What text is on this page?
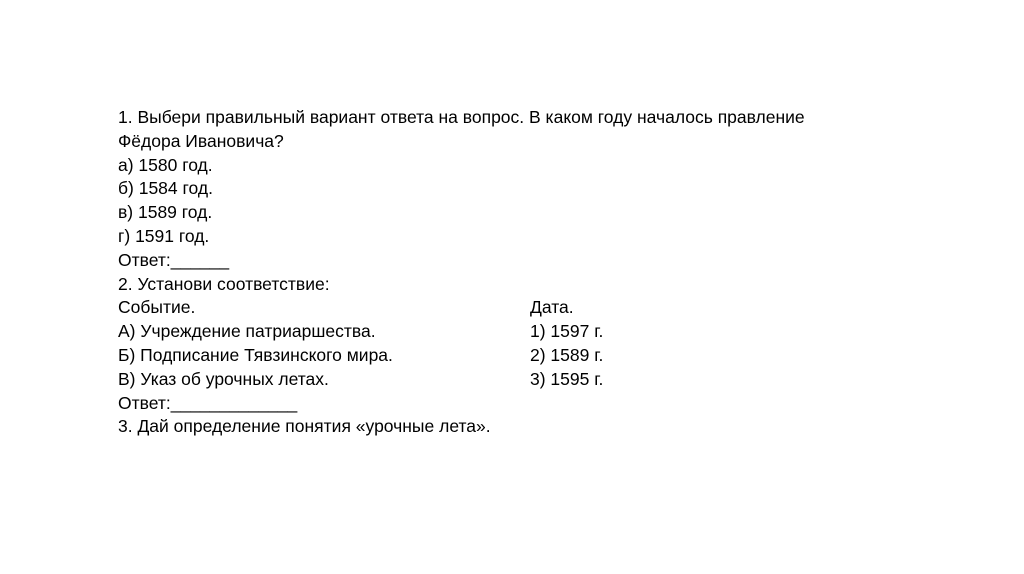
1. Выбери правильный вариант ответа на вопрос. В каком году началось правление
Фёдора Ивановича?
а) 1580 год.
б) 1584 год.
в) 1589 год.
г) 1591 год.
Ответ:______
2. Установи соответствие:
Событие.	Дата.
А) Учреждение патриаршества.	1) 1597 г.
Б) Подписание Тявзинского мира.	2) 1589 г.
В) Указ об урочных летах.	3) 1595 г.
Ответ:_____________
3. Дай определение понятия «урочные лета».
